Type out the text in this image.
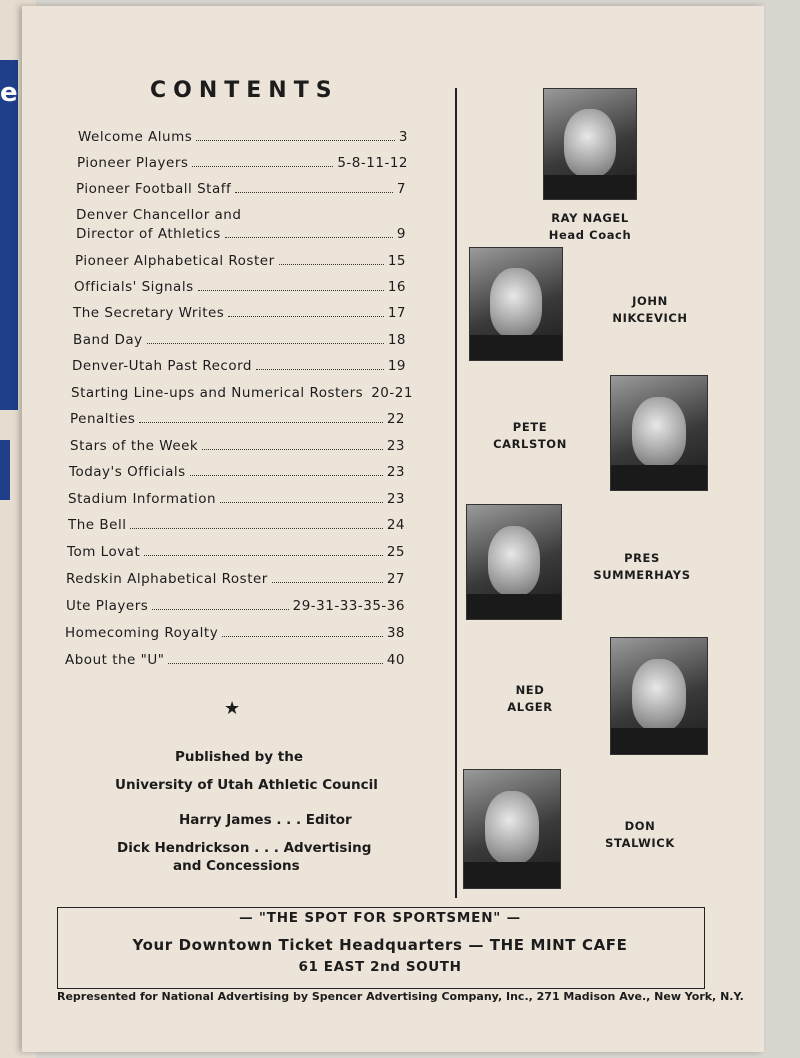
e	CONTENTS
Welcome Alums	3
Pioneer Players	5-8-11-12
Pioneer Football Staff	7
Denver Chancellor and
Director of Athletics	9
Pioneer Alphabetical Roster	15
Officials' Signals	16
The Secretary Writes	17
Band Day	18
Denver-Utah Past Record	19
Starting Line-ups and Numerical Rosters 20-21
Penalties	22
Stars of the Week	23
Today's Officials	23
Stadium Information	23
The Bell	24
Tom Lovat	25
Redskin Alphabetical Roster	27
Ute Players	29-31-33-35-36
Homecoming Royalty	38
About the "U"	40
★
Published by the
University of Utah Athletic Council
Harry James . . . Editor
Dick Hendrickson . . . Advertising
and Concessions
RAY NAGEL
Head Coach
JOHN
NIKCEVICH
PETE
CARLSTON
PRES
SUMMERHAYS
NED
ALGER
DON
STALWICK
— "THE SPOT FOR SPORTSMEN" —
Your Downtown Ticket Headquarters — THE MINT CAFE
61 EAST 2nd SOUTH
Represented for National Advertising by Spencer Advertising Company, Inc., 271 Madison Ave., New York, N.Y.
